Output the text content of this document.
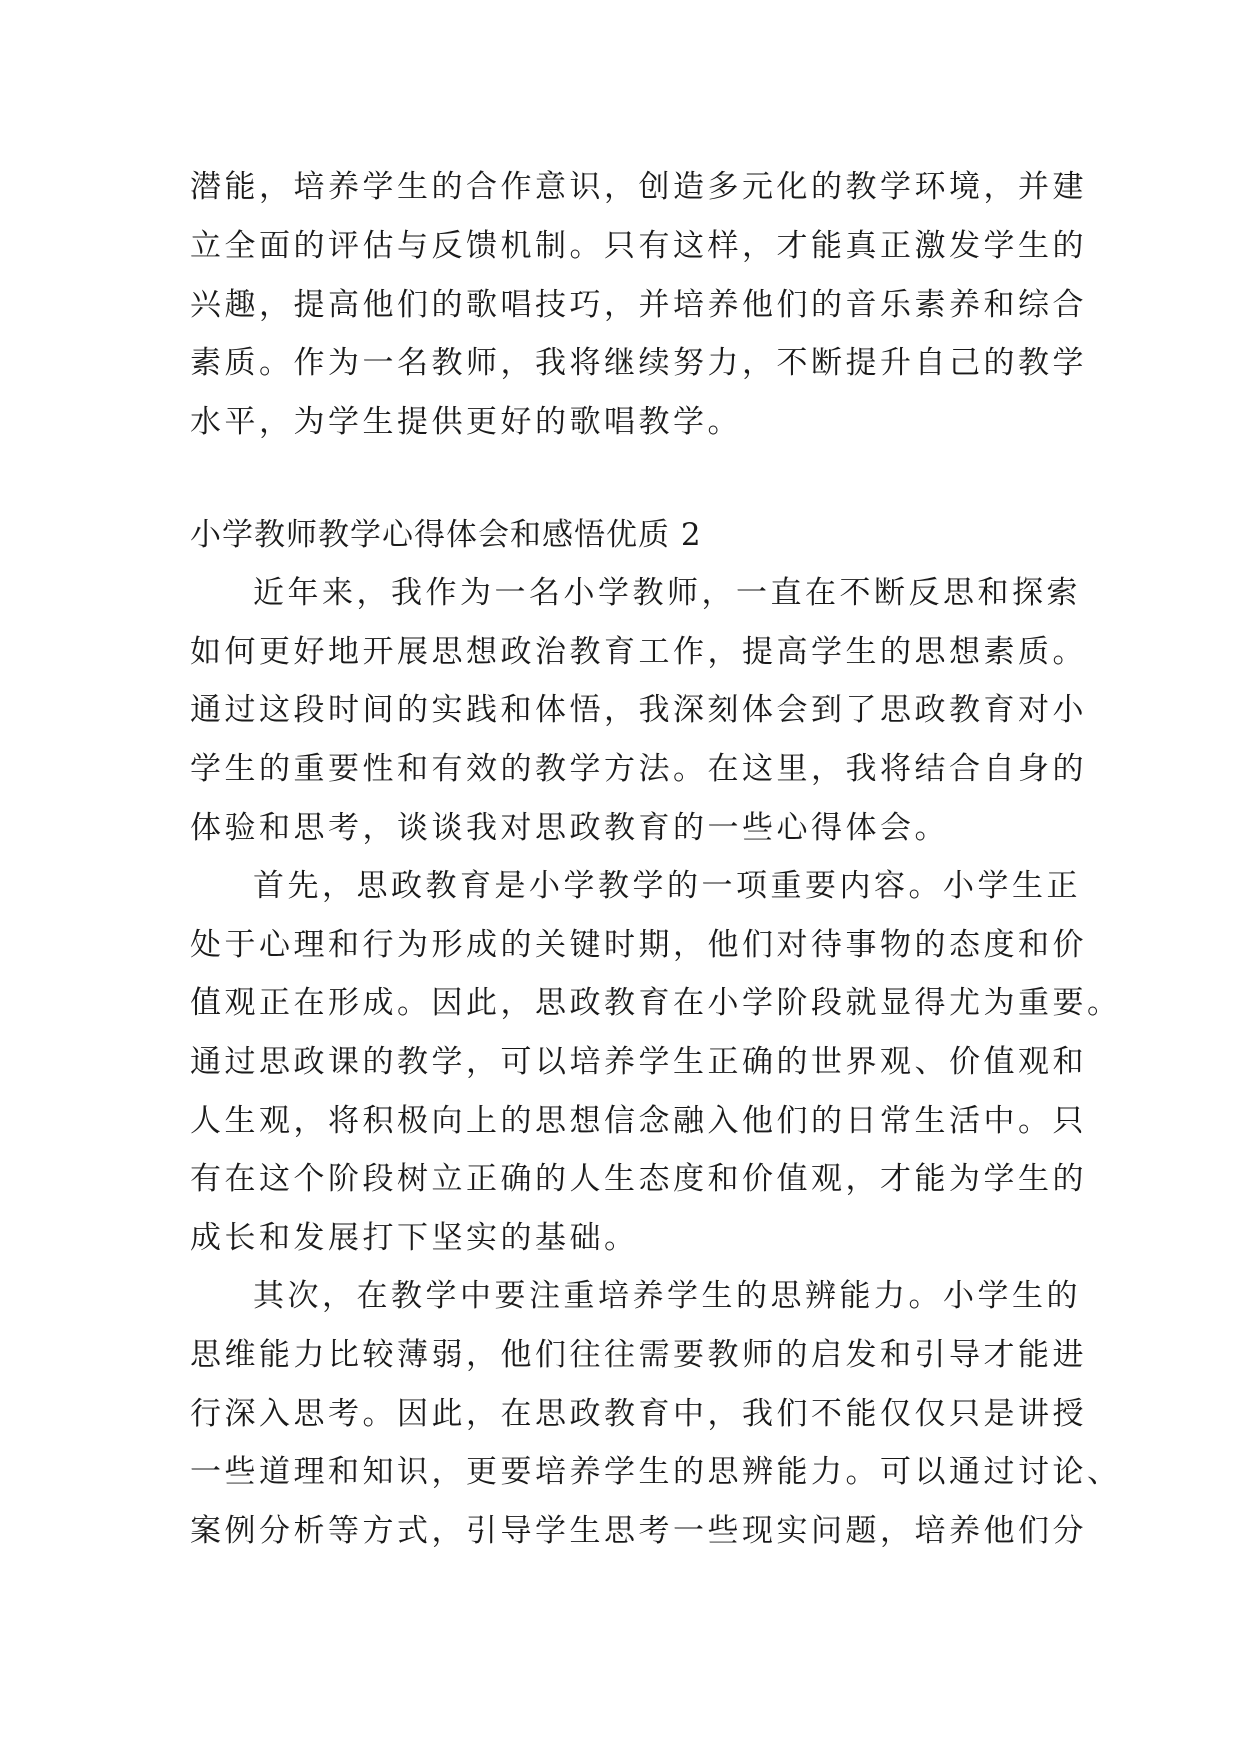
潜能，培养学生的合作意识，创造多元化的教学环境，并建
立全面的评估与反馈机制。只有这样，才能真正激发学生的
兴趣，提高他们的歌唱技巧，并培养他们的音乐素养和综合
素质。作为一名教师，我将继续努力，不断提升自己的教学
水平，为学生提供更好的歌唱教学。
小学教师教学心得体会和感悟优质 2
近年来，我作为一名小学教师，一直在不断反思和探索
如何更好地开展思想政治教育工作，提高学生的思想素质。
通过这段时间的实践和体悟，我深刻体会到了思政教育对小
学生的重要性和有效的教学方法。在这里，我将结合自身的
体验和思考，谈谈我对思政教育的一些心得体会。
首先，思政教育是小学教学的一项重要内容。小学生正
处于心理和行为形成的关键时期，他们对待事物的态度和价
值观正在形成。因此，思政教育在小学阶段就显得尤为重要。
通过思政课的教学，可以培养学生正确的世界观、价值观和
人生观，将积极向上的思想信念融入他们的日常生活中。只
有在这个阶段树立正确的人生态度和价值观，才能为学生的
成长和发展打下坚实的基础。
其次，在教学中要注重培养学生的思辨能力。小学生的
思维能力比较薄弱，他们往往需要教师的启发和引导才能进
行深入思考。因此，在思政教育中，我们不能仅仅只是讲授
一些道理和知识，更要培养学生的思辨能力。可以通过讨论、
案例分析等方式，引导学生思考一些现实问题，培养他们分
